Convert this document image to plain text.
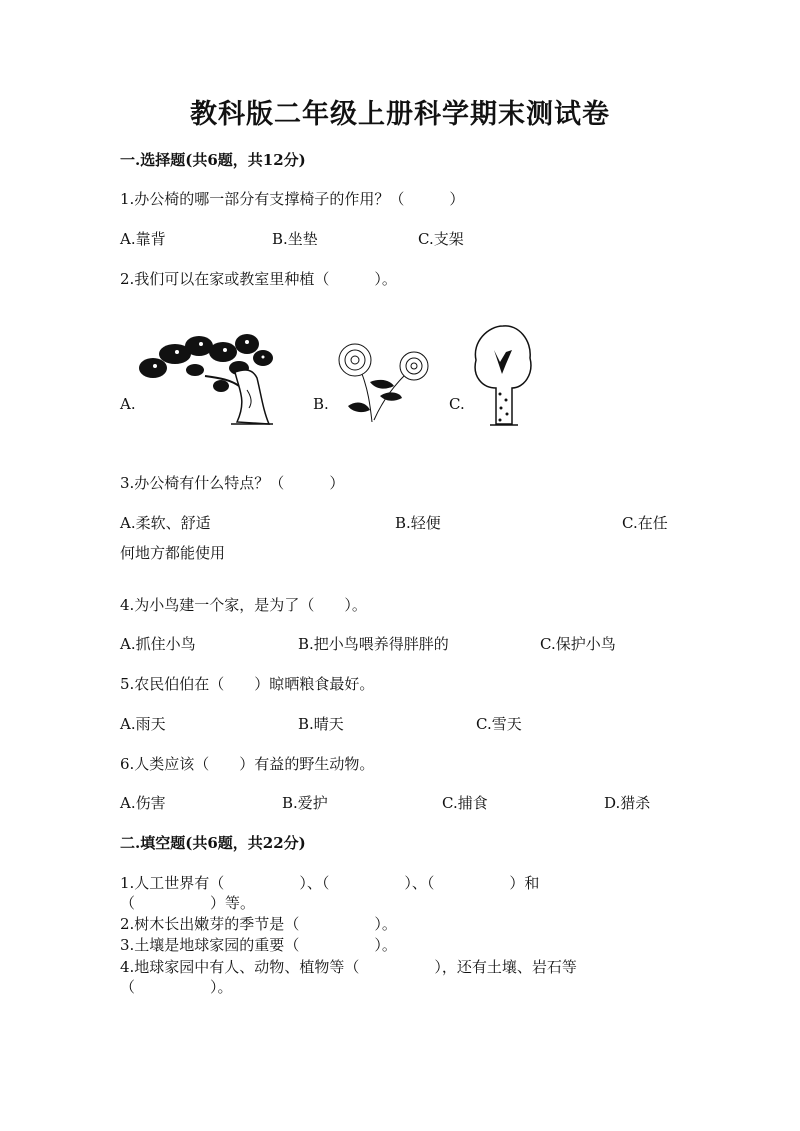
教科版二年级上册科学期末测试卷
一.选择题(共6题，共12分)
1.办公椅的哪一部分有支撑椅子的作用？（　　　）
A.靠背	B.坐垫	C.支架
2.我们可以在家或教室里种植（　　　）。
A.	B.	C.
3.办公椅有什么特点？（　　　）
A.柔软、舒适	B.轻便	C.在任
何地方都能使用
4.为小鸟建一个家，是为了（　　）。
A.抓住小鸟	B.把小鸟喂养得胖胖的	C.保护小鸟
5.农民伯伯在（　　）晾晒粮食最好。
A.雨天	B.晴天	C.雪天
6.人类应该（　　）有益的野生动物。
A.伤害	B.爱护	C.捕食	D.猎杀
二.填空题(共6题，共22分)
1.人工世界有（　　　　　）、（　　　　　）、（　　　　　）和
（　　　　　）等。
2.树木长出嫩芽的季节是（　　　　　）。
3.土壤是地球家园的重要（　　　　　）。
4.地球家园中有人、动物、植物等（　　　　　），还有土壤、岩石等
（　　　　　）。
